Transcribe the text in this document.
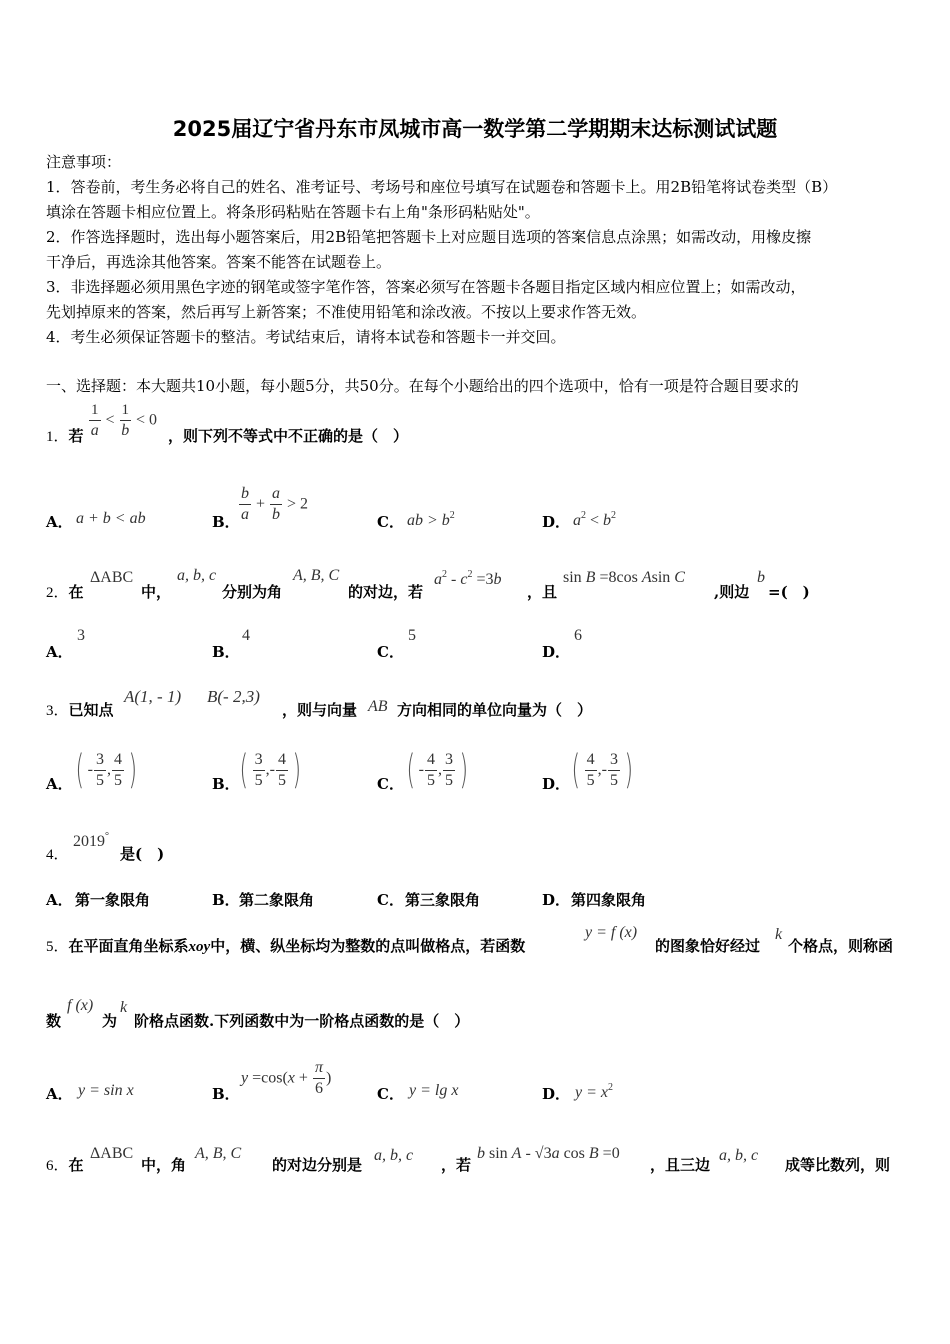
2025届辽宁省丹东市凤城市高一数学第二学期期末达标测试试题
注意事项：
1．答卷前，考生务必将自己的姓名、准考证号、考场号和座位号填写在试题卷和答题卡上。用2B铅笔将试卷类型（B）
填涂在答题卡相应位置上。将条形码粘贴在答题卡右上角"条形码粘贴处"。
2．作答选择题时，选出每小题答案后，用2B铅笔把答题卡上对应题目选项的答案信息点涂黑；如需改动，用橡皮擦
干净后，再选涂其他答案。答案不能答在试题卷上。
3．非选择题必须用黑色字迹的钢笔或签字笔作答，答案必须写在答题卡各题目指定区域内相应位置上；如需改动，
先划掉原来的答案，然后再写上新答案；不准使用铅笔和涂改液。不按以上要求作答无效。
4．考生必须保证答题卡的整洁。考试结束后，请将本试卷和答题卡一并交回。
一、选择题：本大题共10小题，每小题5分，共50分。在每个小题给出的四个选项中，恰有一项是符合题目要求的
1．若 $\frac{1}{a} < \frac{1}{b} < 0$
，则下列不等式中不正确的是（　）
A． a + b < ab	B． $\frac{b}{a} + \frac{a}{b} > 2$
C． ab > $b^2$	D． $a^2 < b^2$
2．在
ΔABC
中，
a, b, c
分别为角
A, B, C
的对边，若
$a^2 - c^2 =3b$
，且
sin B =8cos Asin C
,则边
b
=(　)
A．
3
B．
4
C．
5
D．
6
3．已知点
A(1, - 1) B(- 2,3)
，则与向量 AB 方向相同的单位向量为（　）
A． ( - $\frac{3}{5}$ , $\frac{4}{5}$ )	B． ( $\frac{3}{5}$ , - $\frac{4}{5}$ )	C． ( - $\frac{4}{5}$ , $\frac{3}{5}$ )	D． ( $\frac{4}{5}$ , - $\frac{3}{5}$ )
4．
2019°
是(　)
A． 第一象限角	B． 第二象限角	C． 第三象限角	D． 第四象限角
5．在平面直角坐标系xoy中，横、纵坐标均为整数的点叫做格点，若函数
y = f (x)
的图象恰好经过
k
个格点，则称函
数
f (x)
为
k
阶格点函数.下列函数中为一阶格点函数的是（　）
A． y = sin x	B．
$y =\cos(x + \frac{\pi}{6}$ )
C． y = lg x	D． $y = x^2$
6．在
ΔABC
中，角
A, B, C
的对边分别是
a, b, c
，若
b sin A - √3a cos B =0
，且三边
a, b, c
成等比数列，则
